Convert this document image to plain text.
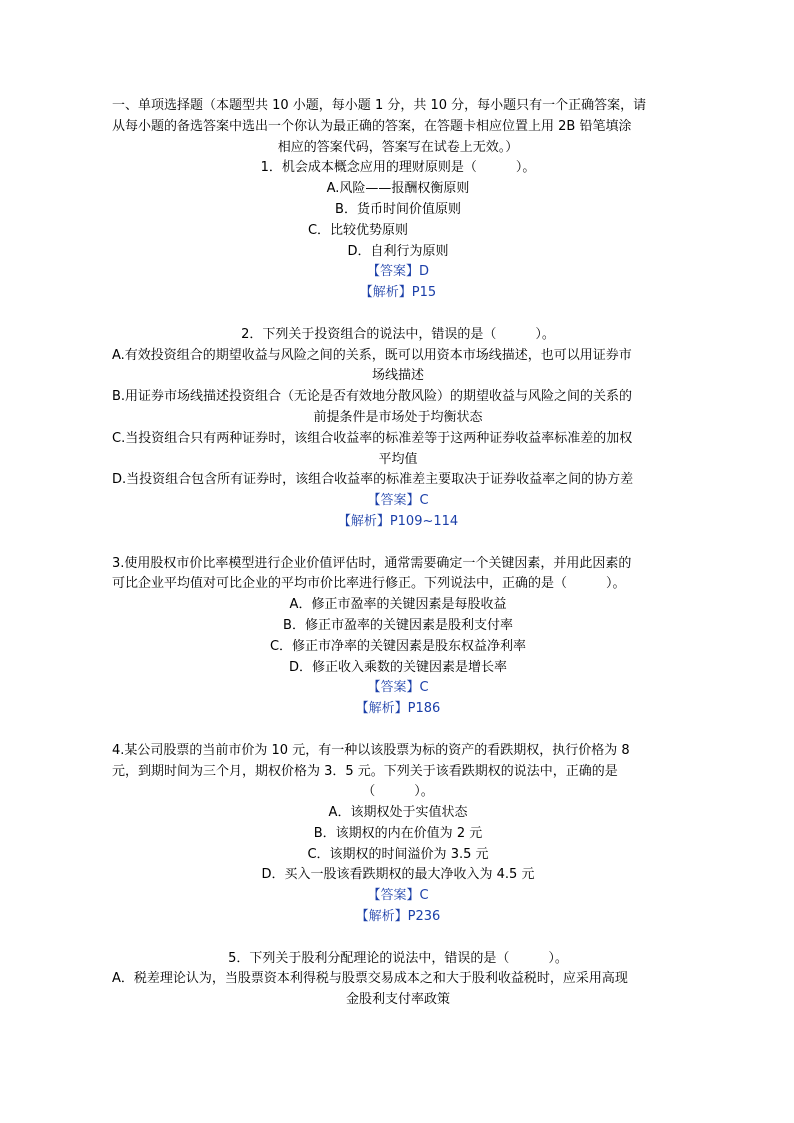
一、单项选择题（本题型共 10 小题，每小题 1 分，共 10 分，每小题只有一个正确答案，请

从每小题的备选答案中选出一个你认为最正确的答案，在答题卡相应位置上用 2B 铅笔填涂

相应的答案代码，答案写在试卷上无效。）

1．机会成本概念应用的理财原则是（　　　）。

A.风险——报酬权衡原则

B．货币时间价值原则

C．比较优势原则

D．自利行为原则

【答案】D

【解析】P15

2．下列关于投资组合的说法中，错误的是（　　　）。

A.有效投资组合的期望收益与风险之间的关系，既可以用资本市场线描述，也可以用证券市

场线描述

B.用证券市场线描述投资组合（无论是否有效地分散风险）的期望收益与风险之间的关系的

前提条件是市场处于均衡状态

C.当投资组合只有两种证券时，该组合收益率的标准差等于这两种证券收益率标准差的加权

平均值

D.当投资组合包含所有证券时，该组合收益率的标准差主要取决于证券收益率之间的协方差

【答案】C

【解析】P109~114

3.使用股权市价比率模型进行企业价值评估时，通常需要确定一个关键因素，并用此因素的

可比企业平均值对可比企业的平均市价比率进行修正。下列说法中，正确的是（　　　）。

A．修正市盈率的关键因素是每股收益

B．修正市盈率的关键因素是股利支付率

C．修正市净率的关键因素是股东权益净利率

D．修正收入乘数的关键因素是增长率

【答案】C

【解析】P186

4.某公司股票的当前市价为 10 元，有一种以该股票为标的资产的看跌期权，执行价格为 8

元，到期时间为三个月，期权价格为 3．5 元。下列关于该看跌期权的说法中，正确的是

（　　　）。

A．该期权处于实值状态

B．该期权的内在价值为 2 元

C．该期权的时间溢价为 3.5 元

D．买入一股该看跌期权的最大净收入为 4.5 元

【答案】C

【解析】P236

5．下列关于股利分配理论的说法中，错误的是（　　　）。

A．税差理论认为，当股票资本利得税与股票交易成本之和大于股利收益税时，应采用高现

金股利支付率政策
